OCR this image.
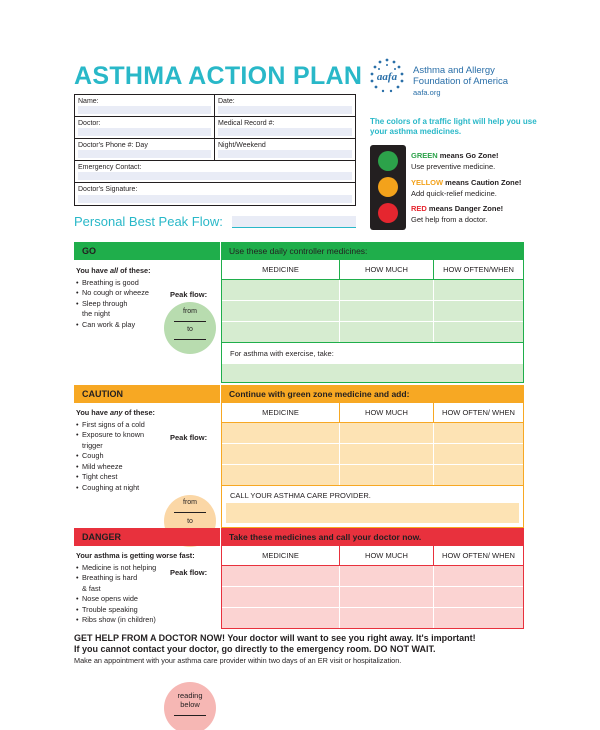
ASTHMA ACTION PLAN aafa
Asthma and Allergy
Foundation of America
aafa.org
Name:	Date:
Doctor:	Medical Record #:
Doctor's Phone #: Day	Night/Weekend
Emergency Contact:
Doctor's Signature:
Personal Best Peak Flow:
The colors of a traffic light will help you use your asthma medicines.
GREEN means Go Zone!
Use preventive medicine.
YELLOW means Caution Zone!
Add quick-relief medicine.
RED means Danger Zone!
Get help from a doctor.
GO
You have all of these:
• Breathing is good
• No cough or wheeze
• Sleep through
the night
• Can work & play
Peak flow:
from
to
Use these daily controller medicines:
MEDICINE	HOW MUCH	HOW OFTEN/WHEN
For asthma with exercise, take:
CAUTION
You have any of these:
• First signs of a cold
• Exposure to known
trigger
• Cough
• Mild wheeze
• Tight chest
• Coughing at night
Peak flow:
from
to
Continue with green zone medicine and add:
MEDICINE	HOW MUCH	HOW OFTEN/ WHEN
CALL YOUR ASTHMA CARE PROVIDER.
DANGER
Your asthma is getting worse fast:
• Medicine is not helping
• Breathing is hard
& fast
• Nose opens wide
• Trouble speaking
• Ribs show (in children)
Peak flow:
reading
below
Take these medicines and call your doctor now.
MEDICINE	HOW MUCH	HOW OFTEN/ WHEN
GET HELP FROM A DOCTOR NOW! Your doctor will want to see you right away. It's important!
If you cannot contact your doctor, go directly to the emergency room. DO NOT WAIT.
Make an appointment with your asthma care provider within two days of an ER visit or hospitalization.
